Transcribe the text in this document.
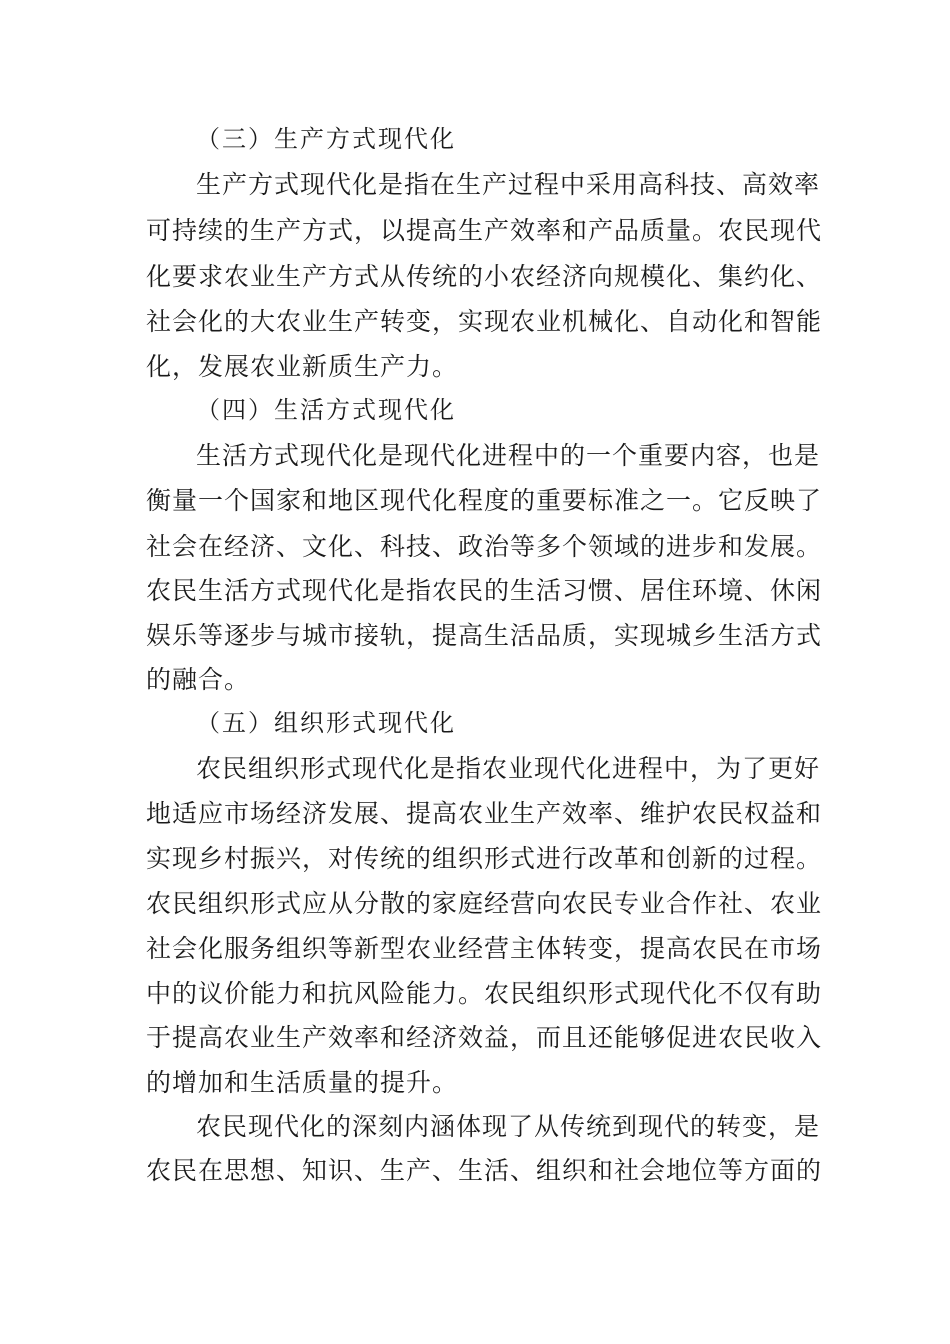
（三）生产方式现代化
生产方式现代化是指在生产过程中采用高科技、高效率
可持续的生产方式，以提高生产效率和产品质量。农民现代
化要求农业生产方式从传统的小农经济向规模化、集约化、
社会化的大农业生产转变，实现农业机械化、自动化和智能
化，发展农业新质生产力。
（四）生活方式现代化
生活方式现代化是现代化进程中的一个重要内容，也是
衡量一个国家和地区现代化程度的重要标准之一。它反映了
社会在经济、文化、科技、政治等多个领域的进步和发展。
农民生活方式现代化是指农民的生活习惯、居住环境、休闲
娱乐等逐步与城市接轨，提高生活品质，实现城乡生活方式
的融合。
（五）组织形式现代化
农民组织形式现代化是指农业现代化进程中，为了更好
地适应市场经济发展、提高农业生产效率、维护农民权益和
实现乡村振兴，对传统的组织形式进行改革和创新的过程。
农民组织形式应从分散的家庭经营向农民专业合作社、农业
社会化服务组织等新型农业经营主体转变，提高农民在市场
中的议价能力和抗风险能力。农民组织形式现代化不仅有助
于提高农业生产效率和经济效益，而且还能够促进农民收入
的增加和生活质量的提升。
农民现代化的深刻内涵体现了从传统到现代的转变，是
农民在思想、知识、生产、生活、组织和社会地位等方面的
